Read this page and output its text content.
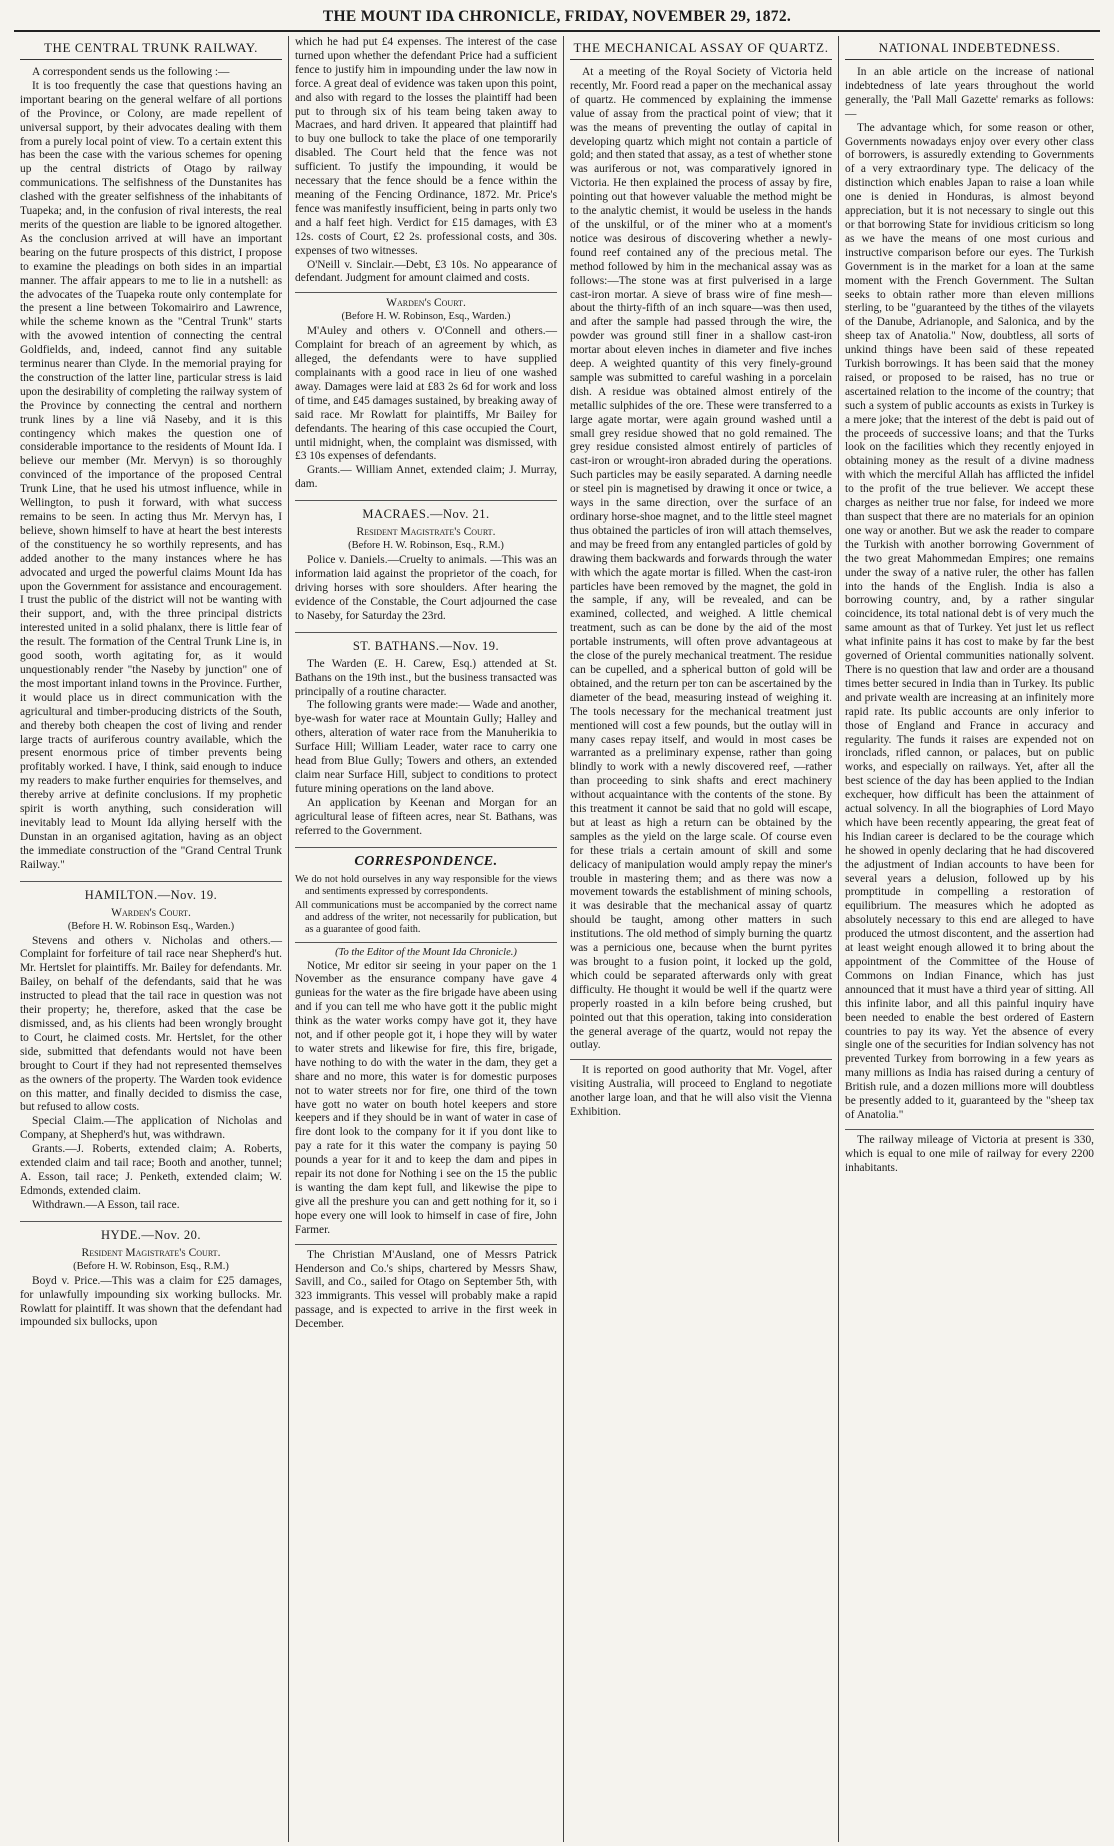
THE MOUNT IDA CHRONICLE, FRIDAY, NOVEMBER 29, 1872.
THE CENTRAL TRUNK RAILWAY.

A correspondent sends us the following :—

It is too frequently the case that questions having an important bearing on the general welfare of all portions of the Province, or Colony, are made repellent of universal support, by their advocates dealing with them from a purely local point of view. To a certain extent this has been the case with the various schemes for opening up the central districts of Otago by railway communications. The selfishness of the Dunstanites has clashed with the greater selfishness of the inhabitants of Tuapeka; and, in the confusion of rival interests, the real merits of the question are liable to be ignored altogether. As the conclusion arrived at will have an important bearing on the future prospects of this district, I propose to examine the pleadings on both sides in an impartial manner. The affair appears to me to lie in a nutshell: as the advocates of the Tuapeka route only contemplate for the present a line between Tokomairiro and Lawrence, while the scheme known as the "Central Trunk" starts with the avowed intention of connecting the central Goldfields, and, indeed, cannot find any suitable terminus nearer than Clyde. In the memorial praying for the construction of the latter line, particular stress is laid upon the desirability of completing the railway system of the Province by connecting the central and northern trunk lines by a line viâ Naseby, and it is this contingency which makes the question one of considerable importance to the residents of Mount Ida. I believe our member (Mr. Mervyn) is so thoroughly convinced of the importance of the proposed Central Trunk Line, that he used his utmost influence, while in Wellington, to push it forward, with what success remains to be seen. In acting thus Mr. Mervyn has, I believe, shown himself to have at heart the best interests of the constituency he so worthily represents, and has added another to the many instances where he has advocated and urged the powerful claims Mount Ida has upon the Government for assistance and encouragement. I trust the public of the district will not be wanting with their support, and, with the three principal districts interested united in a solid phalanx, there is little fear of the result. The formation of the Central Trunk Line is, in good sooth, worth agitating for, as it would unquestionably render "the Naseby by junction" one of the most important inland towns in the Province. Further, it would place us in direct communication with the agricultural and timber-producing districts of the South, and thereby both cheapen the cost of living and render large tracts of auriferous country available, which the present enormous price of timber prevents being profitably worked. I have, I think, said enough to induce my readers to make further enquiries for themselves, and thereby arrive at definite conclusions. If my prophetic spirit is worth anything, such consideration will inevitably lead to Mount Ida allying herself with the Dunstan in an organised agitation, having as an object the immediate construction of the "Grand Central Trunk Railway."

HAMILTON.—Nov. 19.
Warden's Court.
(Before H. W. Robinson Esq., Warden.)

Stevens and others v. Nicholas and others.—Complaint for forfeiture of tail race near Shepherd's hut. Mr. Hertslet for plaintiffs. Mr. Bailey for defendants. Mr. Bailey, on behalf of the defendants, said that he was instructed to plead that the tail race in question was not their property; he, therefore, asked that the case be dismissed, and, as his clients had been wrongly brought to Court, he claimed costs. Mr. Hertslet, for the other side, submitted that defendants would not have been brought to Court if they had not represented themselves as the owners of the property. The Warden took evidence on this matter, and finally decided to dismiss the case, but refused to allow costs.

Special Claim.—The application of Nicholas and Company, at Shepherd's hut, was withdrawn.

Grants.—J. Roberts, extended claim; A. Roberts, extended claim and tail race; Booth and another, tunnel; A. Esson, tail race; J. Penketh, extended claim; W. Edmonds, extended claim.

Withdrawn.—A Esson, tail race.

HYDE.—Nov. 20.
Resident Magistrate's Court.
(Before H. W. Robinson, Esq., R.M.)

Boyd v. Price.—This was a claim for £25 damages, for unlawfully impounding six working bullocks. Mr. Rowlatt for plaintiff. It was shown that the defendant had impounded six bullocks, upon

which he had put £4 expenses. The interest of the case turned upon whether the defendant Price had a sufficient fence to justify him in impounding under the law now in force. A great deal of evidence was taken upon this point, and also with regard to the losses the plaintiff had been put to through six of his team being taken away to Macraes, and hard driven. It appeared that plaintiff had to buy one bullock to take the place of one temporarily disabled. The Court held that the fence was not sufficient. To justify the impounding, it would be necessary that the fence should be a fence within the meaning of the Fencing Ordinance, 1872. Mr. Price's fence was manifestly insufficient, being in parts only two and a half feet high. Verdict for £15 damages, with £3 12s. costs of Court, £2 2s. professional costs, and 30s. expenses of two witnesses.

O'Neill v. Sinclair.—Debt, £3 10s. No appearance of defendant. Judgment for amount claimed and costs.

Warden's Court.
(Before H. W. Robinson, Esq., Warden.)

M'Auley and others v. O'Connell and others.—Complaint for breach of an agreement by which, as alleged, the defendants were to have supplied complainants with a good race in lieu of one washed away. Damages were laid at £83 2s 6d for work and loss of time, and £45 damages sustained, by breaking away of said race. Mr Rowlatt for plaintiffs, Mr Bailey for defendants. The hearing of this case occupied the Court, until midnight, when, the complaint was dismissed, with £3 10s expenses of defendants.

Grants.— William Annet, extended claim; J. Murray, dam.

MACRAES.—Nov. 21.
Resident Magistrate's Court.
(Before H. W. Robinson, Esq., R.M.)

Police v. Daniels.—Cruelty to animals. —This was an information laid against the proprietor of the coach, for driving horses with sore shoulders. After hearing the evidence of the Constable, the Court adjourned the case to Naseby, for Saturday the 23rd.

ST. BATHANS.—Nov. 19.

The Warden (E. H. Carew, Esq.) attended at St. Bathans on the 19th inst., but the business transacted was principally of a routine character.

The following grants were made:— Wade and another, bye-wash for water race at Mountain Gully; Halley and others, alteration of water race from the Manuherikia to Surface Hill; William Leader, water race to carry one head from Blue Gully; Towers and others, an extended claim near Surface Hill, subject to conditions to protect future mining operations on the land above.

An application by Keenan and Morgan for an agricultural lease of fifteen acres, near St. Bathans, was referred to the Government.

CORRESPONDENCE.

We do not hold ourselves in any way responsible for the views and sentiments expressed by correspondents.

All communications must be accompanied by the correct name and address of the writer, not necessarily for publication, but as a guarantee of good faith.

(To the Editor of the Mount Ida Chronicle.)

Notice, Mr editor sir seeing in your paper on the 1 November as the ensurance company have gave 4 gunieas for the water as the fire brigade have abeen using and if you can tell me who have gott it the public might think as the water works compy have got it, they have not, and if other people got it, i hope they will by water to water strets and likewise for fire, this fire, brigade, have nothing to do with the water in the dam, they get a share and no more, this water is for domestic purposes not to water streets nor for fire, one third of the town have gott no water on bouth hotel keepers and store keepers and if they should be in want of water in case of fire dont look to the company for it if you dont like to pay a rate for it this water the company is paying 50 pounds a year for it and to keep the dam and pipes in repair its not done for Nothing i see on the 15 the public is wanting the dam kept full, and likewise the pipe to give all the preshure you can and gett nothing for it, so i hope every one will look to himself in case of fire, John Farmer.

The Christian M'Ausland, one of Messrs Patrick Henderson and Co.'s ships, chartered by Messrs Shaw, Savill, and Co., sailed for Otago on September 5th, with 323 immigrants. This vessel will probably make a rapid passage, and is expected to arrive in the first week in December.

THE MECHANICAL ASSAY OF QUARTZ.

At a meeting of the Royal Society of Victoria held recently, Mr. Foord read a paper on the mechanical assay of quartz. He commenced by explaining the immense value of assay from the practical point of view; that it was the means of preventing the outlay of capital in developing quartz which might not contain a particle of gold; and then stated that assay, as a test of whether stone was auriferous or not, was comparatively ignored in Victoria. He then explained the process of assay by fire, pointing out that however valuable the method might be to the analytic chemist, it would be useless in the hands of the unskilful, or of the miner who at a moment's notice was desirous of discovering whether a newly-found reef contained any of the precious metal. The method followed by him in the mechanical assay was as follows:—The stone was at first pulverised in a large cast-iron mortar. A sieve of brass wire of fine mesh—about the thirty-fifth of an inch square—was then used, and after the sample had passed through the wire, the powder was ground still finer in a shallow cast-iron mortar about eleven inches in diameter and five inches deep. A weighted quantity of this very finely-ground sample was submitted to careful washing in a porcelain dish. A residue was obtained almost entirely of the metallic sulphides of the ore. These were transferred to a large agate mortar, were again ground washed until a small grey residue showed that no gold remained. The grey residue consisted almost entirely of particles of cast-iron or wrought-iron abraded during the operations. Such particles may be easily separated. A darning needle or steel pin is magnetised by drawing it once or twice, a ways in the same direction, over the surface of an ordinary horse-shoe magnet, and to the little steel magnet thus obtained the particles of iron will attach themselves, and may be freed from any entangled particles of gold by drawing them backwards and forwards through the water with which the agate mortar is filled. When the cast-iron particles have been removed by the magnet, the gold in the sample, if any, will be revealed, and can be examined, collected, and weighed. A little chemical treatment, such as can be done by the aid of the most portable instruments, will often prove advantageous at the close of the purely mechanical treatment. The residue can be cupelled, and a spherical button of gold will be obtained, and the return per ton can be ascertained by the diameter of the bead, measuring instead of weighing it. The tools necessary for the mechanical treatment just mentioned will cost a few pounds, but the outlay will in many cases repay itself, and would in most cases be warranted as a preliminary expense, rather than going blindly to work with a newly discovered reef, —rather than proceeding to sink shafts and erect machinery without acquaintance with the contents of the stone. By this treatment it cannot be said that no gold will escape, but at least as high a return can be obtained by the samples as the yield on the large scale. Of course even for these trials a certain amount of skill and some delicacy of manipulation would amply repay the miner's trouble in mastering them; and as there was now a movement towards the establishment of mining schools, it was desirable that the mechanical assay of quartz should be taught, among other matters in such institutions. The old method of simply burning the quartz was a pernicious one, because when the burnt pyrites was brought to a fusion point, it locked up the gold, which could be separated afterwards only with great difficulty. He thought it would be well if the quartz were properly roasted in a kiln before being crushed, but pointed out that this operation, taking into consideration the general average of the quartz, would not repay the outlay.

It is reported on good authority that Mr. Vogel, after visiting Australia, will proceed to England to negotiate another large loan, and that he will also visit the Vienna Exhibition.

NATIONAL INDEBTEDNESS.

In an able article on the increase of national indebtedness of late years throughout the world generally, the 'Pall Mall Gazette' remarks as follows:—

The advantage which, for some reason or other, Governments nowadays enjoy over every other class of borrowers, is assuredly extending to Governments of a very extraordinary type. The delicacy of the distinction which enables Japan to raise a loan while one is denied in Honduras, is almost beyond appreciation, but it is not necessary to single out this or that borrowing State for invidious criticism so long as we have the means of one most curious and instructive comparison before our eyes. The Turkish Government is in the market for a loan at the same moment with the French Government. The Sultan seeks to obtain rather more than eleven millions sterling, to be "guaranteed by the tithes of the vilayets of the Danube, Adrianople, and Salonica, and by the sheep tax of Anatolia." Now, doubtless, all sorts of unkind things have been said of these repeated Turkish borrowings. It has been said that the money raised, or proposed to be raised, has no true or ascertained relation to the income of the country; that such a system of public accounts as exists in Turkey is a mere joke; that the interest of the debt is paid out of the proceeds of successive loans; and that the Turks look on the facilities which they recently enjoyed in obtaining money as the result of a divine madness with which the merciful Allah has afflicted the infidel to the profit of the true believer. We accept these charges as neither true nor false, for indeed we more than suspect that there are no materials for an opinion one way or another. But we ask the reader to compare the Turkish with another borrowing Government of the two great Mahommedan Empires; one remains under the sway of a native ruler, the other has fallen into the hands of the English. India is also a borrowing country, and, by a rather singular coincidence, its total national debt is of very much the same amount as that of Turkey. Yet just let us reflect what infinite pains it has cost to make by far the best governed of Oriental communities nationally solvent. There is no question that law and order are a thousand times better secured in India than in Turkey. Its public and private wealth are increasing at an infinitely more rapid rate. Its public accounts are only inferior to those of England and France in accuracy and regularity. The funds it raises are expended not on ironclads, rifled cannon, or palaces, but on public works, and especially on railways. Yet, after all the best science of the day has been applied to the Indian exchequer, how difficult has been the attainment of actual solvency. In all the biographies of Lord Mayo which have been recently appearing, the great feat of his Indian career is declared to be the courage which he showed in openly declaring that he had discovered the adjustment of Indian accounts to have been for several years a delusion, followed up by his promptitude in compelling a restoration of equilibrium. The measures which he adopted as absolutely necessary to this end are alleged to have produced the utmost discontent, and the assertion had at least weight enough allowed it to bring about the appointment of the Committee of the House of Commons on Indian Finance, which has just announced that it must have a third year of sitting. All this infinite labor, and all this painful inquiry have been needed to enable the best ordered of Eastern countries to pay its way. Yet the absence of every single one of the securities for Indian solvency has not prevented Turkey from borrowing in a few years as many millions as India has raised during a century of British rule, and a dozen millions more will doubtless be presently added to it, guaranteed by the "sheep tax of Anatolia."

The railway mileage of Victoria at present is 330, which is equal to one mile of railway for every 2200 inhabitants.
